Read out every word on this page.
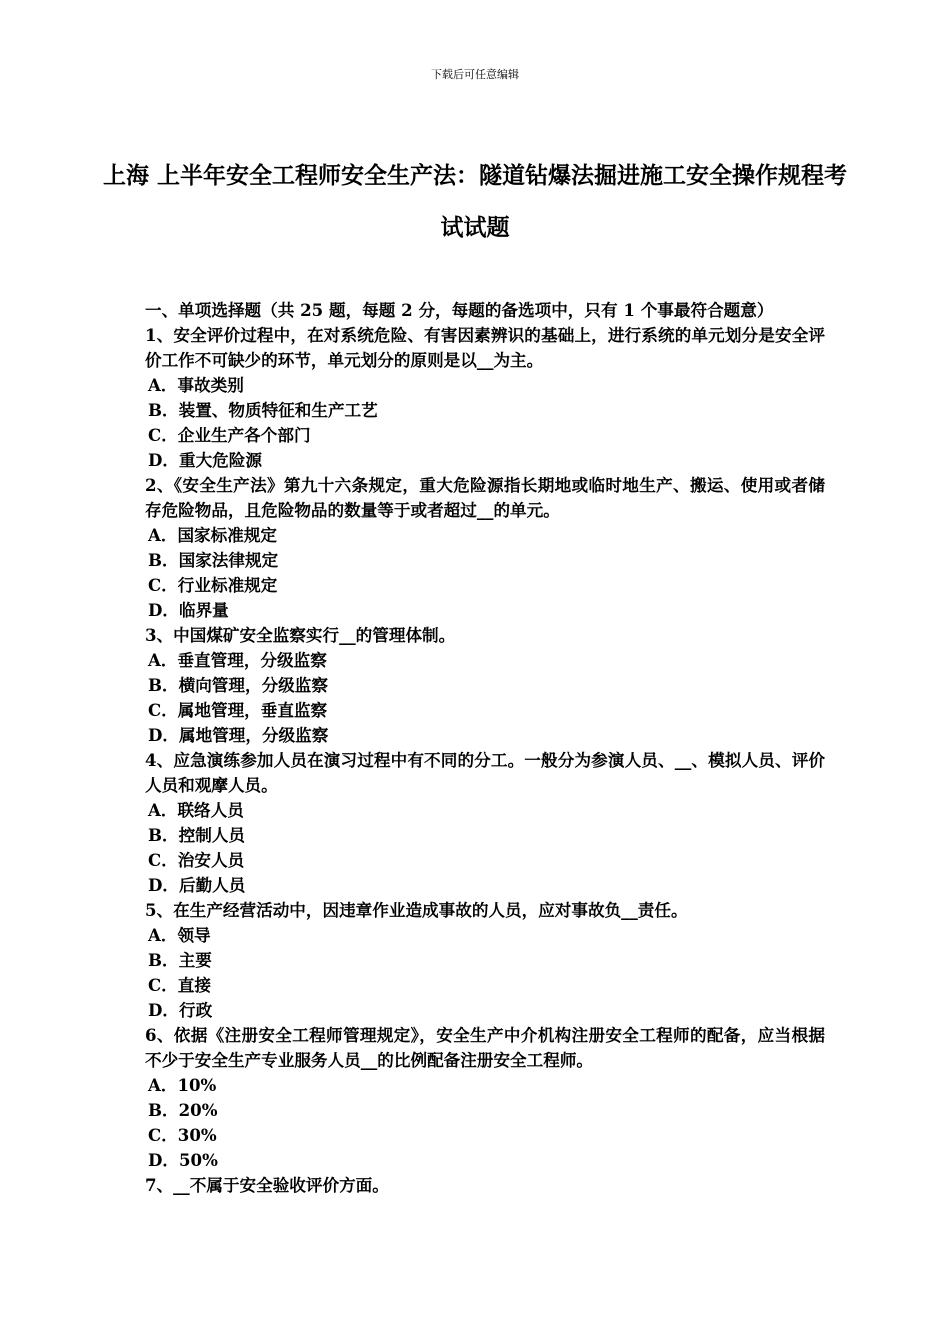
下载后可任意编辑
上海 上半年安全工程师安全生产法：隧道钻爆法掘进施工安全操作规程考试试题

一、单项选择题（共 25 题，每题 2 分，每题的备选项中，只有 1 个事最符合题意）

1、安全评价过程中，在对系统危险、有害因素辨识的基础上，进行系统的单元划分是安全评价工作不可缺少的环节，单元划分的原则是以__为主。

A．事故类别

B．装置、物质特征和生产工艺

C．企业生产各个部门

D．重大危险源

2、《安全生产法》第九十六条规定，重大危险源指长期地或临时地生产、搬运、使用或者储存危险物品，且危险物品的数量等于或者超过__的单元。

A．国家标准规定

B．国家法律规定

C．行业标准规定

D．临界量

3、中国煤矿安全监察实行__的管理体制。

A．垂直管理，分级监察

B．横向管理，分级监察

C．属地管理，垂直监察

D．属地管理，分级监察

4、应急演练参加人员在演习过程中有不同的分工。一般分为参演人员、__、模拟人员、评价人员和观摩人员。

A．联络人员

B．控制人员

C．治安人员

D．后勤人员

5、在生产经营活动中，因违章作业造成事故的人员，应对事故负__责任。

A．领导

B．主要

C．直接

D．行政

6、依据《注册安全工程师管理规定》，安全生产中介机构注册安全工程师的配备，应当根据不少于安全生产专业服务人员__的比例配备注册安全工程师。

A．10%

B．20%

C．30%

D．50%

7、__不属于安全验收评价方面。
